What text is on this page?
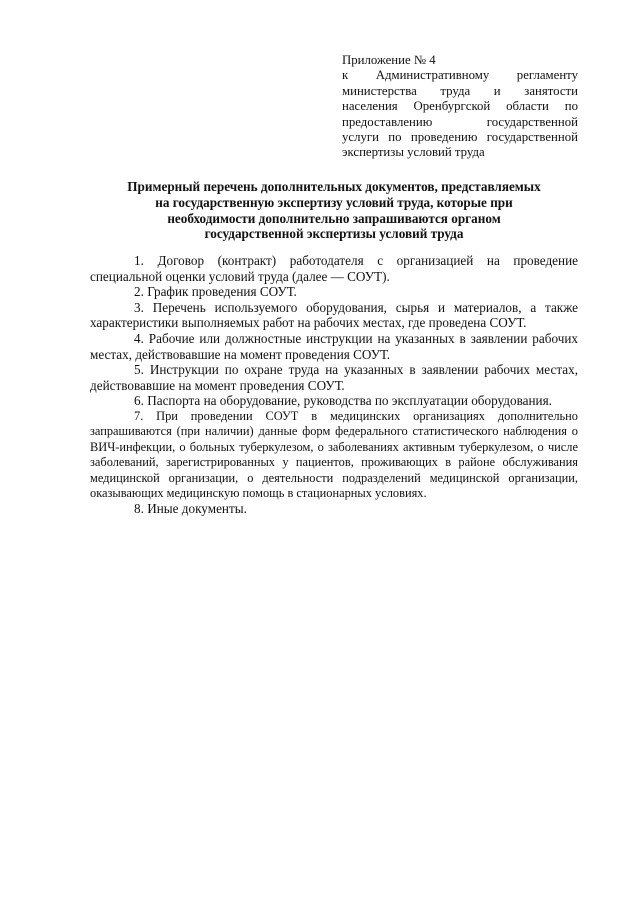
Приложение № 4
к Административному регламенту
министерства труда и занятости
населения Оренбургской области по
предоставлению государственной
услуги по проведению государственной
экспертизы условий труда
Примерный перечень дополнительных документов, представляемых
на государственную экспертизу условий труда, которые при
необходимости дополнительно запрашиваются органом
государственной экспертизы условий труда

1. Договор (контракт) работодателя с организацией на проведение специальной оценки условий труда (далее — СОУТ).

2. График проведения СОУТ.

3. Перечень используемого оборудования, сырья и материалов, а также характеристики выполняемых работ на рабочих местах, где проведена СОУТ.

4. Рабочие или должностные инструкции на указанных в заявлении рабочих местах, действовавшие на момент проведения СОУТ.

5. Инструкции по охране труда на указанных в заявлении рабочих местах, действовавшие на момент проведения СОУТ.

6. Паспорта на оборудование, руководства по эксплуатации оборудования.

7. При проведении СОУТ в медицинских организациях дополнительно запрашиваются (при наличии) данные форм федерального статистического наблюдения о ВИЧ-инфекции, о больных туберкулезом, о заболеваниях активным туберкулезом, о числе заболеваний, зарегистрированных у пациентов, проживающих в районе обслуживания медицинской организации, о деятельности подразделений медицинской организации, оказывающих медицинскую помощь в стационарных условиях.

8. Иные документы.
